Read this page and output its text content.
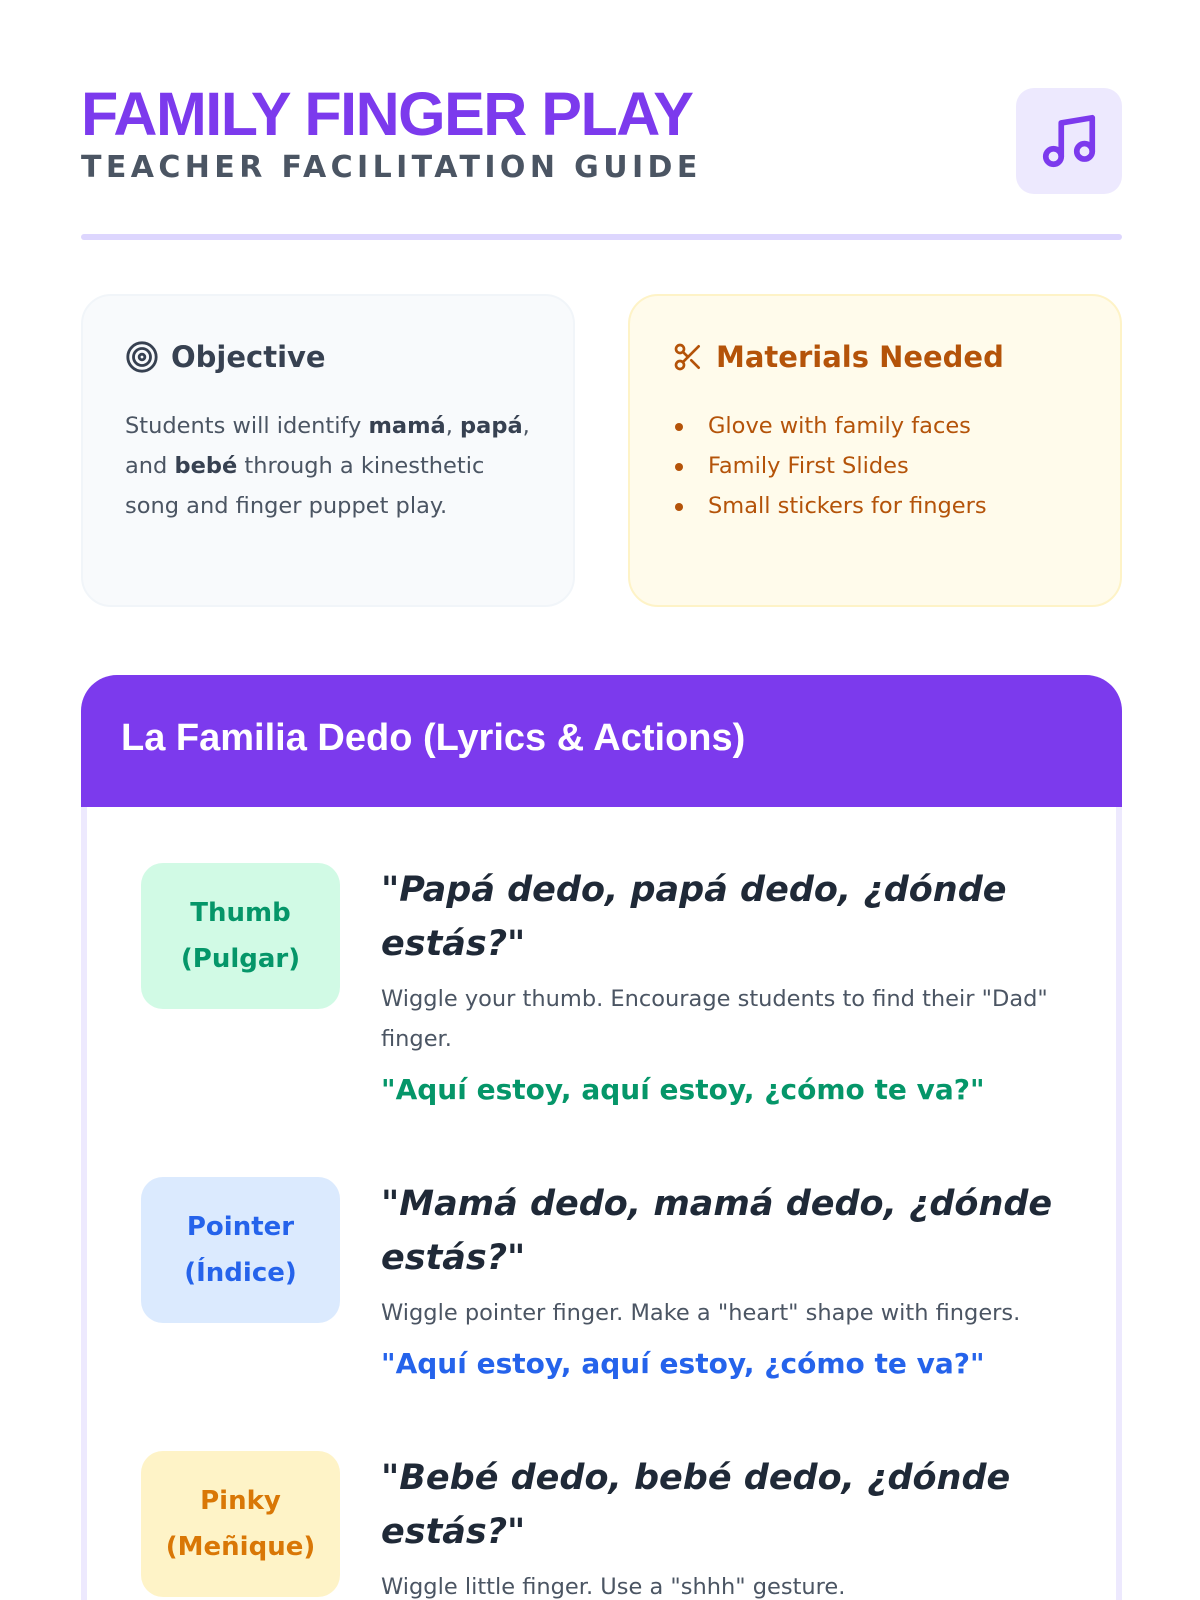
FAMILY FINGER PLAY
TEACHER FACILITATION GUIDE
Objective

Students will identify mamá, papá, and bebé through a kinesthetic song and finger puppet play.

Materials Needed
Glove with family faces
Family First Slides
Small stickers for fingers
La Familia Dedo (Lyrics & Actions)
Thumb
(Pulgar)
"Papá dedo, papá dedo, ¿dónde estás?"
Wiggle your thumb. Encourage students to find their "Dad" finger.
"Aquí estoy, aquí estoy, ¿cómo te va?"
Pointer
(Índice)
"Mamá dedo, mamá dedo, ¿dónde estás?"
Wiggle pointer finger. Make a "heart" shape with fingers.
"Aquí estoy, aquí estoy, ¿cómo te va?"
Pinky
(Meñique)
"Bebé dedo, bebé dedo, ¿dónde estás?"
Wiggle little finger. Use a "shhh" gesture.
